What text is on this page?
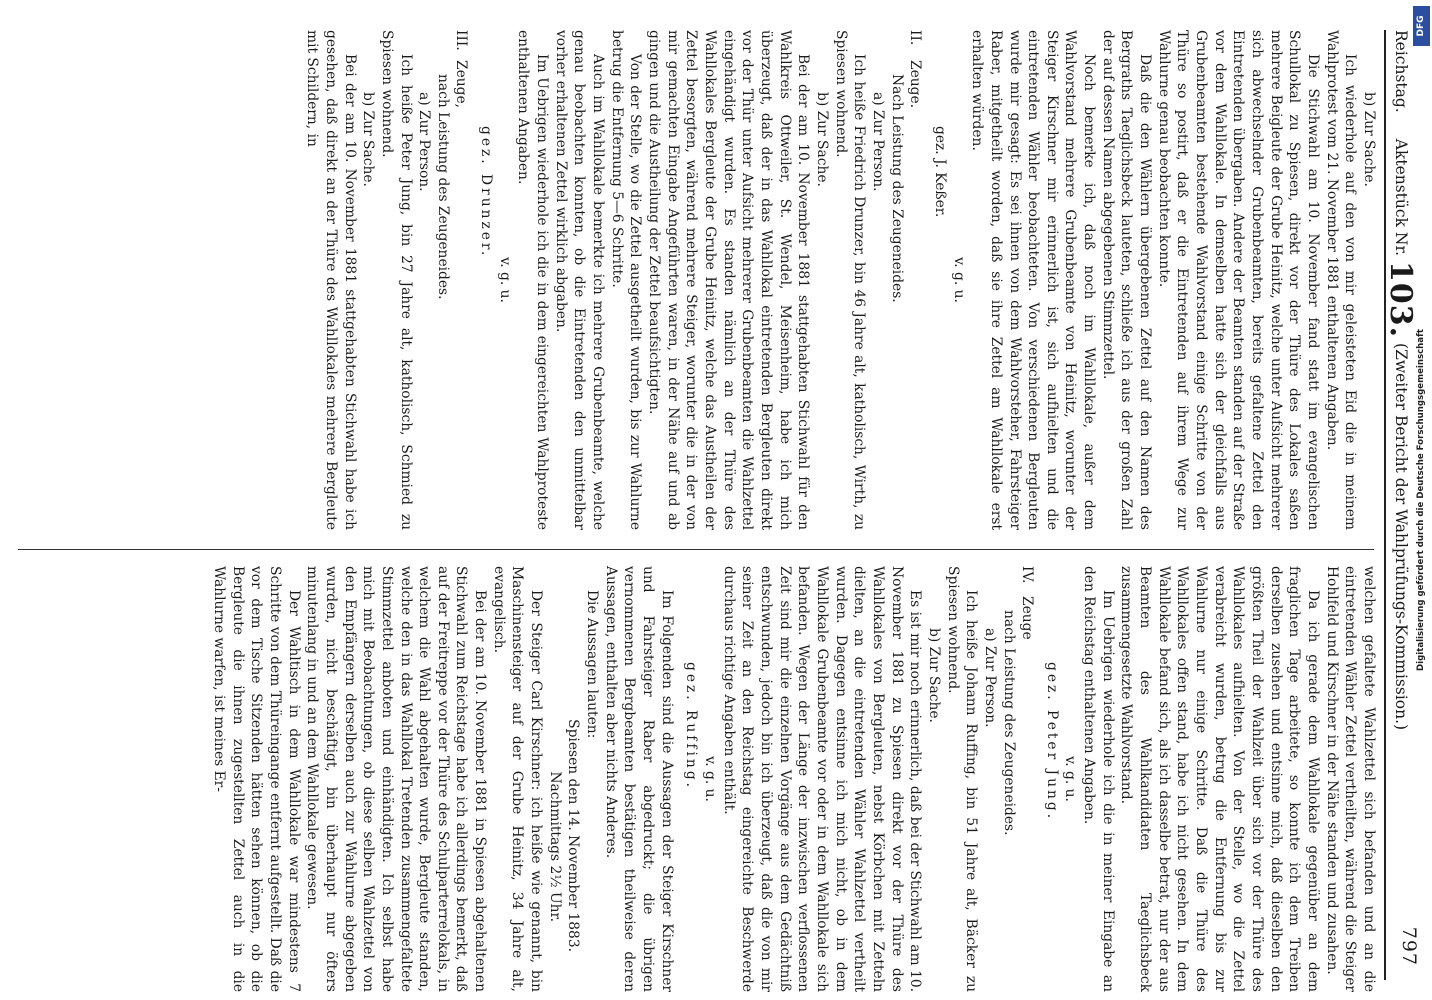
Reichstag.Aktenstück Nr. 103. (Zweiter Bericht der Wahlprüfungs-Kommission.)
797

b) Zur Sache.

Ich wiederhole auf den von mir geleisteten Eid die in meinem Wahlprotest vom 21. November 1881 enthaltenen Angaben.

Die Stichwahl am 10. November fand statt im evangelischen Schullokal zu Spiesen, direkt vor der Thüre des Lokales saßen mehrere Beigleute der Grube Heinitz, welche unter Aufsicht mehrerer sich abwechselnder Grubenbeamten, bereits gefaltene Zettel den Eintretenden übergaben. Andere der Beamten standen auf der Straße vor dem Wahllokale. In demselben hatte sich der gleichfalls aus Grubenbeamten bestehende Wahlvorstand einige Schritte von der Thüre so postirt, daß er die Eintretenden auf ihrem Wege zur Wahlurne genau beobachten konnte.

Daß die den Wählern übergebenen Zettel auf den Namen des Bergraths Taeglichsbeck lauteten, schließe ich aus der großen Zahl der auf dessen Namen abgegebenen Stimmzettel.

Noch bemerke ich, daß noch im Wahllokale, außer dem Wahlvorstand mehrere Grubenbeamte von Heinitz, worunter der Steiger Kirschner mir erinnerlich ist, sich aufhielten und die eintretenden Wähler beobachteten. Von verschiedenen Bergleuten wurde mir gesagt: Es sei ihnen von dem Wahlvorsteher, Fahrsteiger Raber, mitgetheilt worden, daß sie ihre Zettel am Wahllokale erst erhalten würden.

v. g. u.

gez. J. Keßer.

II.Zeuge.

Nach Leistung des Zeugeneides.

a) Zur Person.

Ich heiße Friedrich Drunzer, bin 46 Jahre alt, katholisch, Wirth, zu Spiesen wohnend.

b) Zur Sache.

Bei der am 10. November 1881 stattgehabten Stichwahl für den Wahlkreis Ottweiler, St. Wendel, Meisenheim, habe ich mich überzeugt, daß der in das Wahllokal eintretenden Bergleuten direkt vor der Thür unter Aufsicht mehrerer Grubenbeamten die Wahlzettel eingehändigt wurden. Es standen nämlich an der Thüre des Wahllokales Bergleute der Grube Heinitz, welche das Austheilen der Zettel besorgten, während mehrere Steiger, worunter die in der von mir gemachten Eingabe Angeführten waren, in der Nähe auf und ab gingen und die Austheilung der Zettel beaufsichtigten.

Von der Stelle, wo die Zettel ausgetheilt wurden, bis zur Wahlurne betrug die Entfernung 5—6 Schritte.

Auch im Wahllokale bemerkte ich mehrere Grubenbeamte, welche genau beobachten konnten, ob die Eintretenden den unmittelbar vorher erhaltenen Zettel wirklich abgaben.

Im Uebrigen wiederhole ich die in dem eingereichten Wahlproteste enthaltenen Angaben.

v. g. u.

gez. Drunzer.

III.Zeuge,

nach Leistung des Zeugeneides.

a) Zur Person.

Ich heiße Peter Jung, bin 27 Jahre alt, katholisch, Schmied zu Spiesen wohnend.

b) Zur Sache.

Bei der am 10. November 1881 stattgehabten Stichwahl habe ich gesehen, daß direkt an der Thüre des Wahllokales mehrere Bergleute mit Schildern, in

welchen gefaltete Wahlzettel sich befanden und an die eintretenden Wähler Zettel vertheilten, während die Steiger Hohlfeld und Kirschner in der Nähe standen und zusahen.

Da ich gerade dem Wahllokale gegenüber an dem fraglichen Tage arbeitete, so konnte ich dem Treiben derselben zusehen und entsinne mich, daß dieselben den größten Theil der Wahlzeit über sich vor der Thüre des Wahllokales aufhielten. Von der Stelle, wo die Zettel verabreicht wurden, betrug die Entfernung bis zur Wahlurne nur einige Schritte. Daß die Thüre des Wahllokales offen stand, habe ich nicht gesehen. In dem Wahllokale befand sich, als ich dasselbe betrat, nur der aus Beamten des Wahlkandidaten Taeglichsbeck zusammengesetzte Wahlvorstand.

Im Uebrigen wiederhole ich die in meiner Eingabe an den Reichstag enthaltenen Angaben.

v. g. u.

gez. Peter Jung.

IV.Zeuge

nach Leistung des Zeugeneides.

a) Zur Person.

Ich heiße Johann Ruffing, bin 51 Jahre alt, Bäcker zu Spiesen wohnend.

b) Zur Sache.

Es ist mir noch erinnerlich, daß bei der Stichwahl am 10. November 1881 zu Spiesen direkt vor der Thüre des Wahllokales von Bergleuten, nebst Körbchen mit Zetteln dielten, an die eintretenden Wähler Wahlzettel vertheilt wurden. Dagegen entsinne ich mich nicht, ob in dem Wahllokale Grubenbeamte vor oder in dem Wahllokale sich befanden. Wegen der Länge der inzwischen verflossenen Zeit sind mir die einzelnen Vorgänge aus dem Gedächtniß entschwunden, jedoch bin ich überzeugt, daß die von mir seiner Zeit an den Reichstag eingereichte Beschwerde durchaus richtige Angaben enthält.

v. g. u.

gez. Ruffing.

Im Folgenden sind die Aussagen der Steiger Kirschner und Fahrsteiger Raber abgedruckt; die übrigen vernommenen Bergbeamten bestätigen theilweise deren Aussagen, enthalten aber nichts Anderes.

Die Aussagen lauten:

Spiesen den 14. November 1883.

Nachmittags 2½ Uhr.

Der Steiger Carl Kirschner: ich heiße wie genannt, bin Maschinensteiger auf der Grube Heinitz, 34 Jahre alt, evangelisch.

Bei der am 10. November 1881 in Spiesen abgehaltenen Stichwahl zum Reichstage habe ich allerdings bemerkt, daß auf der Freitreppe vor der Thüre des Schulparterrelokals, in welchem die Wahl abgehalten wurde, Bergleute standen, welche den in das Wahllokal Tretenden zusammengefaltete Stimmzettel anboten und einhändigten. Ich selbst habe mich mit Beobachtungen, ob diese selben Wahlzettel von den Empfängern derselben auch zur Wahlurne abgegeben wurden, nicht beschäftigt, bin überhaupt nur öfters minutenlang in und an dem Wahllokale gewesen.

Der Wahltisch in dem Wahllokale war mindestens 7 Schritte von dem Thüreingange entfernt aufgestellt. Daß die vor dem Tische Sitzenden hätten sehen können, ob die Bergleute die ihnen zugestellten Zettel auch in die Wahlurne warfen, ist meines Er-

Digitalisierung gefördert durch die Deutsche Forschungsgemeinschaft
DFG
